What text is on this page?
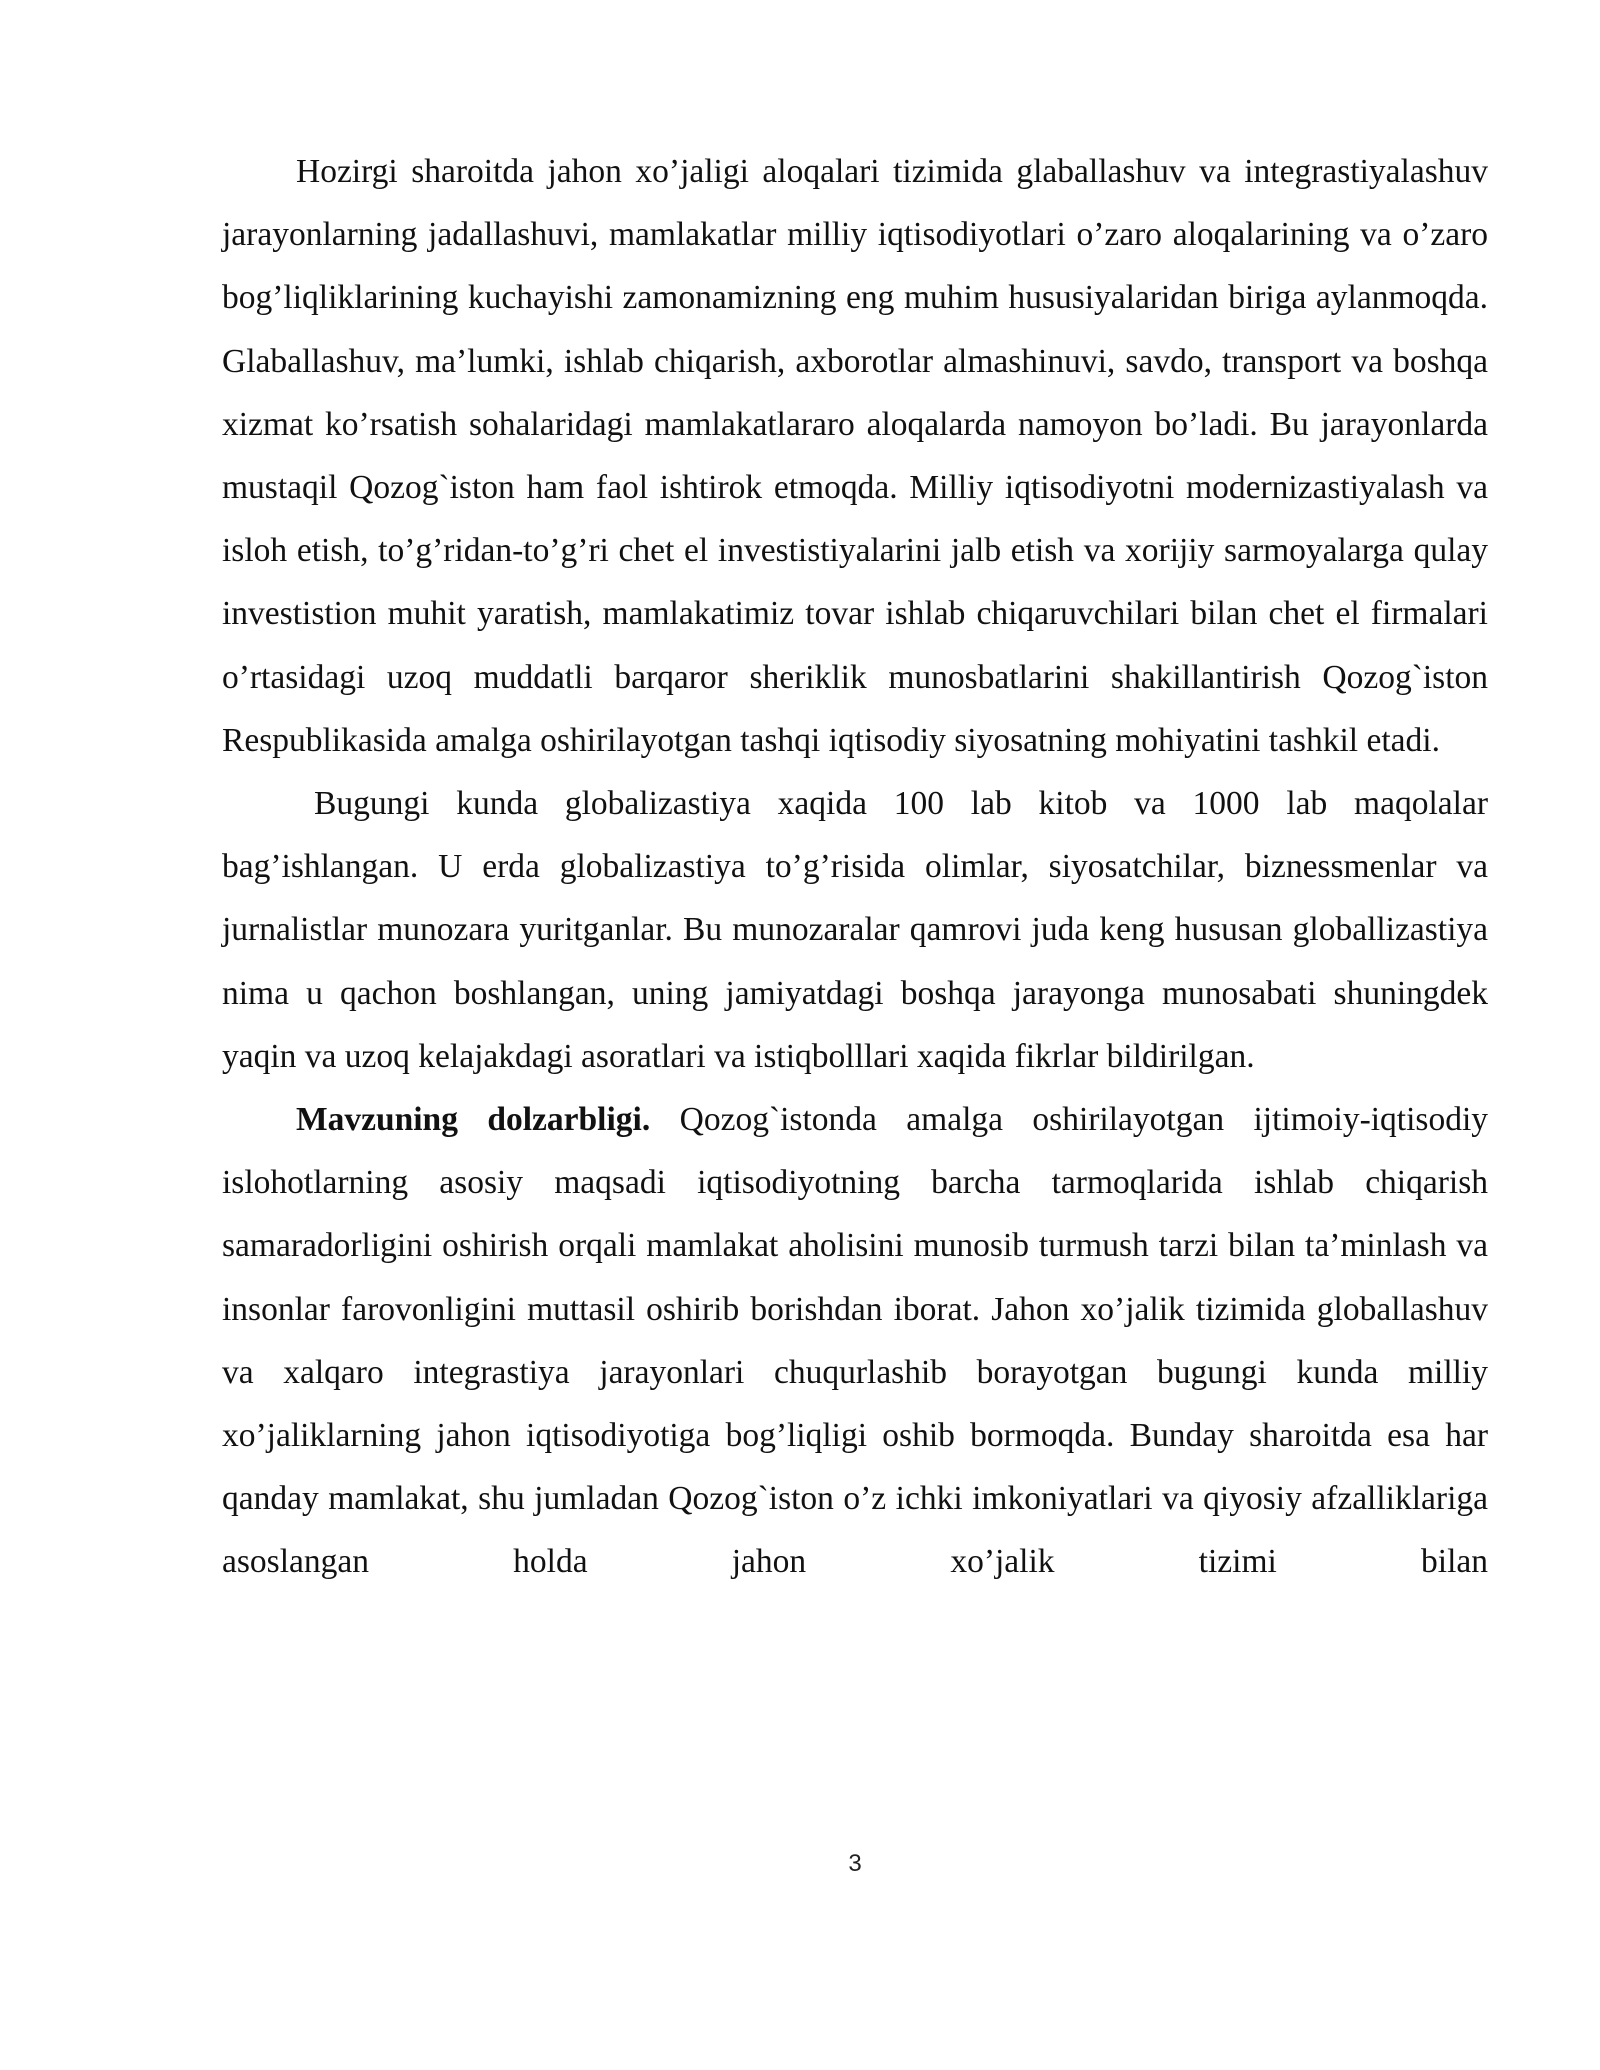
Hozirgi sharoitda jahon xo’jaligi aloqalari tizimida glaballashuv va integrastiyalashuv jarayonlarning jadallashuvi, mamlakatlar milliy iqtisodiyotlari o’zaro aloqalarining va o’zaro bog’liqliklarining kuchayishi zamonamizning eng muhim hususiyalaridan biriga aylanmoqda. Glaballashuv, ma’lumki, ishlab chiqarish, axborotlar almashinuvi, savdo, transport va boshqa xizmat ko’rsatish sohalaridagi mamlakatlararo aloqalarda namoyon bo’ladi. Bu jarayonlarda mustaqil Qozog`iston ham faol ishtirok etmoqda. Milliy iqtisodiyotni modernizastiyalash va isloh etish, to’g’ridan-to’g’ri chet el investistiyalarini jalb etish va xorijiy sarmoyalarga qulay investistion muhit yaratish, mamlakatimiz tovar ishlab chiqaruvchilari bilan chet el firmalari o’rtasidagi uzoq muddatli barqaror sheriklik munosbatlarini shakillantirish Qozog`iston Respublikasida amalga oshirilayotgan tashqi iqtisodiy siyosatning mohiyatini tashkil etadi.

Bugungi kunda globalizastiya xaqida 100 lab kitob va 1000 lab maqolalar bag’ishlangan. U erda globalizastiya to’g’risida olimlar, siyosatchilar, biznessmenlar va jurnalistlar munozara yuritganlar. Bu munozaralar qamrovi juda keng hususan globallizastiya nima u qachon boshlangan, uning jamiyatdagi boshqa jarayonga munosabati shuningdek yaqin va uzoq kelajakdagi asoratlari va istiqbolllari xaqida fikrlar bildirilgan.

Mavzuning dolzarbligi. Qozog`istonda amalga oshirilayotgan ijtimoiy-iqtisodiy islohotlarning asosiy maqsadi iqtisodiyotning barcha tarmoqlarida ishlab chiqarish samaradorligini oshirish orqali mamlakat aholisini munosib turmush tarzi bilan ta’minlash va insonlar farovonligini muttasil oshirib borishdan iborat. Jahon xo’jalik tizimida globallashuv va xalqaro integrastiya jarayonlari chuqurlashib borayotgan bugungi kunda milliy xo’jaliklarning jahon iqtisodiyotiga bog’liqligi oshib bormoqda. Bunday sharoitda esa har qanday mamlakat, shu jumladan Qozog`iston o’z ichki imkoniyatlari va qiyosiy afzalliklariga asoslangan holda jahon xo’jalik tizimi bilan

3
